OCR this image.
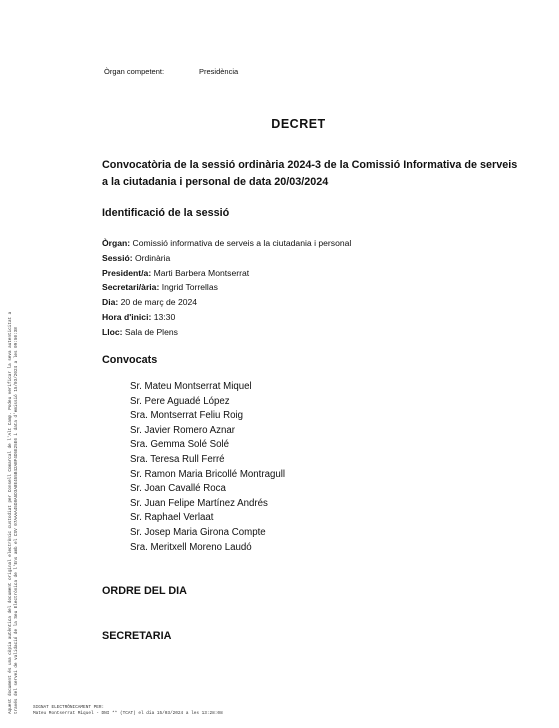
Òrgan competent:	Presidència
DECRET
Convocatòria de la sessió ordinària 2024-3 de la Comissió Informativa de serveis a la ciutadania i personal de data 20/03/2024
Identificació de la sessió
Òrgan: Comissió informativa de serveis a la ciutadania i personal
Sessió: Ordinària
President/a: Marti Barbera Montserrat
Secretari/ària: Ingrid Torrellas
Dia: 20 de març de 2024
Hora d'inici: 13:30
Lloc: Sala de Plens
Convocats
Sr. Mateu Montserrat Miquel
Sr. Pere Aguadé López
Sra. Montserrat Feliu Roig
Sr. Javier Romero Aznar
Sra. Gemma Solé Solé
Sra. Teresa Rull Ferré
Sr. Ramon Maria Bricollé Montragull
Sr. Joan Cavallé Roca
Sr. Juan Felipe Martínez Andrés
Sr. Raphael Verlaat
Sr. Josep Maria Girona Compte
Sra. Meritxell Moreno Laudó
ORDRE DEL DIA
SECRETARIA
Aquest document és una còpia autèntica del document original electrònic custodiat per Consell Comarcal de l'Alt Camp. Podeu verificar la seva autenticitat a través del servei de validació de la Seu Electrònica de l'Ens amb el CSV 07AAAA45D8A5D3A8E455B42ABF4D5E25E6 i data d'emissió 15/03/2024 a les 09:50:38	SIGNAT ELECTRÒNICAMENT PER:
Mateu Montserrat Miquel - DNI ** (TCAT) el dia 15/03/2024 a les 13:28:08
